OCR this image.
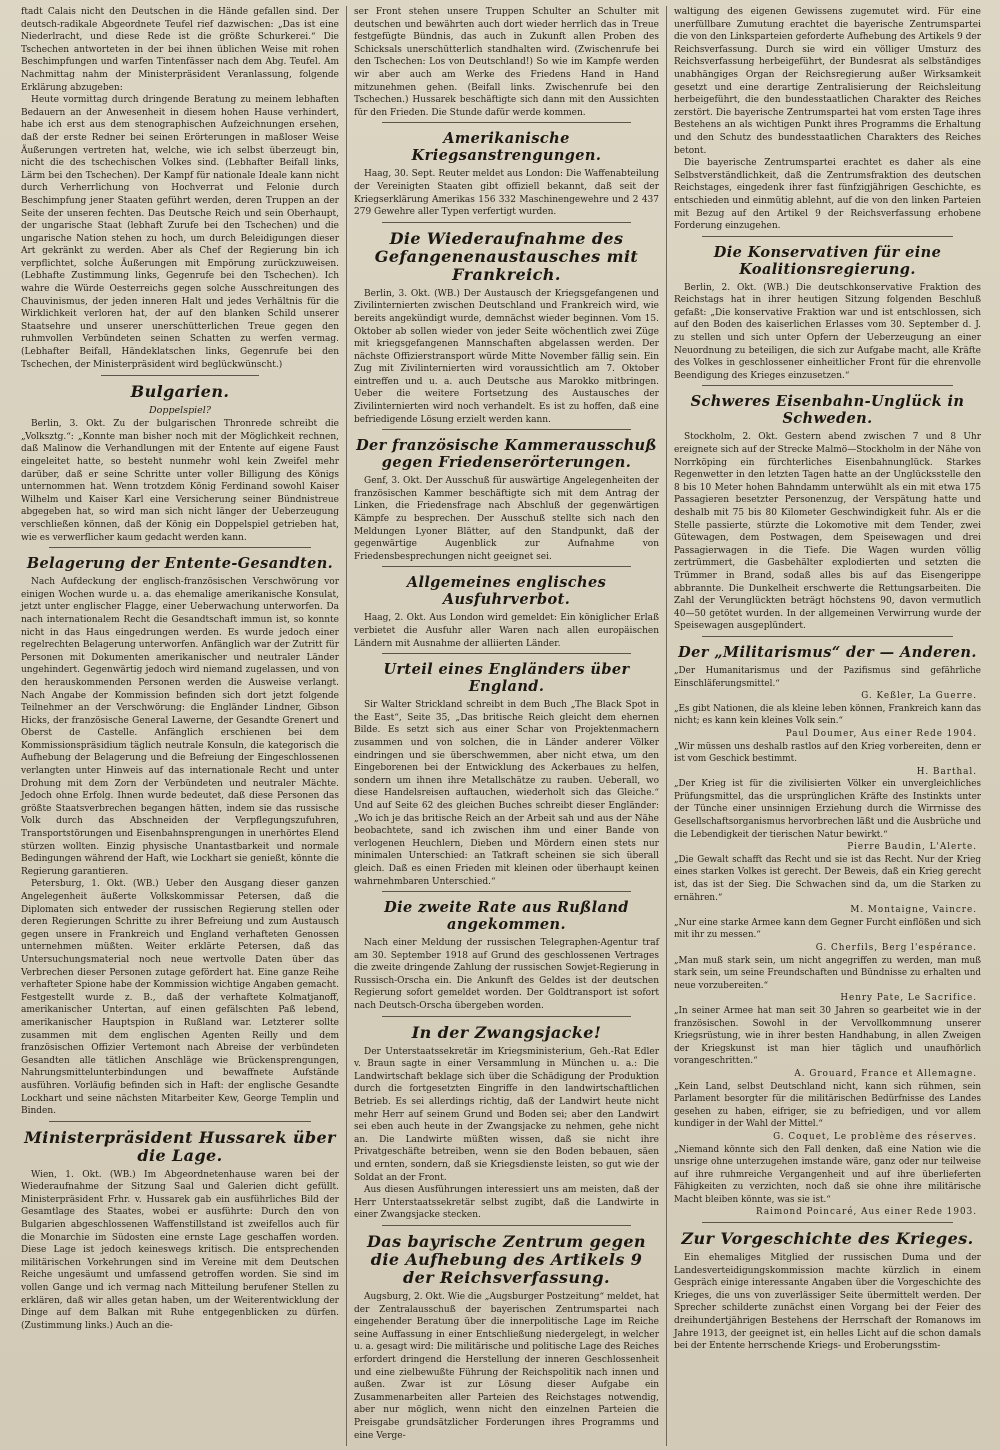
ftadt Calais nicht den Deutschen in die Hände gefallen sind. Der deutsch-radikale Abgeordnete Teufel rief dazwischen: „Das ist eine Niederlracht, und diese Rede ist die größte Schurkerei.“ Die Tschechen antworteten in der bei ihnen üblichen Weise mit rohen Beschimpfungen und warfen Tintenfässer nach dem Abg. Teufel. Am Nachmittag nahm der Ministerpräsident Veranlassung, folgende Erklärung abzugeben:

Heute vormittag durch dringende Beratung zu meinem lebhaften Bedauern an der Anwesenheit in diesem hohen Hause verhindert, habe ich erst aus dem stenographischen Aufzeichnungen ersehen, daß der erste Redner bei seinen Erörterungen in maßloser Weise Äußerungen vertreten hat, welche, wie ich selbst überzeugt bin, nicht die des tschechischen Volkes sind. (Lebhafter Beifall links, Lärm bei den Tschechen). Der Kampf für nationale Ideale kann nicht durch Verherrlichung von Hochverrat und Felonie durch Beschimpfung jener Staaten geführt werden, deren Truppen an der Seite der unseren fechten. Das Deutsche Reich und sein Oberhaupt, der ungarische Staat (lebhaft Zurufe bei den Tschechen) und die ungarische Nation stehen zu hoch, um durch Beleidigungen dieser Art gekränkt zu werden. Aber als Chef der Regierung bin ich verpflichtet, solche Äußerungen mit Empörung zurückzuweisen. (Lebhafte Zustimmung links, Gegenrufe bei den Tschechen). Ich wahre die Würde Oesterreichs gegen solche Ausschreitungen des Chauvinismus, der jeden inneren Halt und jedes Verhältnis für die Wirklichkeit verloren hat, der auf den blanken Schild unserer Staatsehre und unserer unerschütterlichen Treue gegen den ruhmvollen Verbündeten seinen Schatten zu werfen vermag. (Lebhafter Beifall, Händeklatschen links, Gegenrufe bei den Tschechen, der Ministerpräsident wird beglückwünscht.)

Bulgarien.
Doppelspiel?

Berlin, 3. Okt. Zu der bulgarischen Thronrede schreibt die „Volksztg.“: „Konnte man bisher noch mit der Möglichkeit rechnen, daß Malinow die Verhandlungen mit der Entente auf eigene Faust eingeleitet hatte, so besteht nunmehr wohl kein Zweifel mehr darüber, daß er seine Schritte unter voller Billigung des Königs unternommen hat. Wenn trotzdem König Ferdinand sowohl Kaiser Wilhelm und Kaiser Karl eine Versicherung seiner Bündnistreue abgegeben hat, so wird man sich nicht länger der Ueberzeugung verschließen können, daß der König ein Doppelspiel getrieben hat, wie es verwerflicher kaum gedacht werden kann.

Belagerung der Entente-Gesandten.

Nach Aufdeckung der englisch-französischen Verschwörung vor einigen Wochen wurde u. a. das ehemalige amerikanische Konsulat, jetzt unter englischer Flagge, einer Ueberwachung unterworfen. Da nach internationalem Recht die Gesandtschaft immun ist, so konnte nicht in das Haus eingedrungen werden. Es wurde jedoch einer regelrechten Belagerung unterworfen. Anfänglich war der Zutritt für Personen mit Dokumenten amerikanischer und neutraler Länder ungehindert. Gegenwärtig jedoch wird niemand zugelassen, und von den herauskommenden Personen werden die Ausweise verlangt. Nach Angabe der Kommission befinden sich dort jetzt folgende Teilnehmer an der Verschwörung: die Engländer Lindner, Gibson Hicks, der französische General Lawerne, der Gesandte Grenert und Oberst de Castelle. Anfänglich erschienen bei dem Kommissionspräsidium täglich neutrale Konsuln, die kategorisch die Aufhebung der Belagerung und die Befreiung der Eingeschlossenen verlangten unter Hinweis auf das internationale Recht und unter Drohung mit dem Zorn der Verbündeten und neutraler Mächte. Jedoch ohne Erfolg. Ihnen wurde bedeutet, daß diese Personen das größte Staatsverbrechen begangen hätten, indem sie das russische Volk durch das Abschneiden der Verpflegungszufuhren, Transportstörungen und Eisenbahnsprengungen in unerhörtes Elend stürzen wollten. Einzig physische Unantastbarkeit und normale Bedingungen während der Haft, wie Lockhart sie genießt, könnte die Regierung garantieren.

Petersburg, 1. Okt. (WB.) Ueber den Ausgang dieser ganzen Angelegenheit äußerte Volkskommissar Petersen, daß die Diplomaten sich entweder der russischen Regierung stellen oder deren Regierungen Schritte zu ihrer Befreiung und zum Austausch gegen unsere in Frankreich und England verhafteten Genossen unternehmen müßten. Weiter erklärte Petersen, daß das Untersuchungsmaterial noch neue wertvolle Daten über das Verbrechen dieser Personen zutage gefördert hat. Eine ganze Reihe verhafteter Spione habe der Kommission wichtige Angaben gemacht. Festgestellt wurde z. B., daß der verhaftete Kolmatjanoff, amerikanischer Untertan, auf einen gefälschten Paß lebend, amerikanischer Hauptspion in Rußland war. Letzterer sollte zusammen mit dem englischen Agenten Reilly und dem französischen Offizier Vertemont nach Abreise der verbündeten Gesandten alle tätlichen Anschläge wie Brückensprengungen, Nahrungsmittelunterbindungen und bewaffnete Aufstände ausführen. Vorläufig befinden sich in Haft: der englische Gesandte Lockhart und seine nächsten Mitarbeiter Kew, George Templin und Binden.

Ministerpräsident Hussarek über die Lage.

Wien, 1. Okt. (WB.) Im Abgeordnetenhause waren bei der Wiederaufnahme der Sitzung Saal und Galerien dicht gefüllt. Ministerpräsident Frhr. v. Hussarek gab ein ausführliches Bild der Gesamtlage des Staates, wobei er ausführte: Durch den von Bulgarien abgeschlossenen Waffenstillstand ist zweifellos auch für die Monarchie im Südosten eine ernste Lage geschaffen worden. Diese Lage ist jedoch keineswegs kritisch. Die entsprechenden militärischen Vorkehrungen sind im Vereine mit dem Deutschen Reiche ungesäumt und umfassend getroffen worden. Sie sind im vollen Gange und ich vermag nach Mitteilung berufener Stellen zu erklären, daß wir alles getan haben, um der Weiterentwicklung der Dinge auf dem Balkan mit Ruhe entgegenblicken zu dürfen. (Zustimmung links.) Auch an die-

ser Front stehen unsere Truppen Schulter an Schulter mit deutschen und bewährten auch dort wieder herrlich das in Treue festgefügte Bündnis, das auch in Zukunft allen Proben des Schicksals unerschütterlich standhalten wird. (Zwischenrufe bei den Tschechen: Los von Deutschland!) So wie im Kampfe werden wir aber auch am Werke des Friedens Hand in Hand mitzunehmen gehen. (Beifall links. Zwischenrufe bei den Tschechen.) Hussarek beschäftigte sich dann mit den Aussichten für den Frieden. Die Stunde dafür werde kommen.

Amerikanische Kriegsanstrengungen.

Haag, 30. Sept. Reuter meldet aus London: Die Waffenabteilung der Vereinigten Staaten gibt offiziell bekannt, daß seit der Kriegserklärung Amerikas 156 332 Maschinengewehre und 2 437 279 Gewehre aller Typen verfertigt wurden.

Die Wiederaufnahme des Gefangenenaustausches mit Frankreich.

Berlin, 3. Okt. (WB.) Der Austausch der Kriegsgefangenen und Zivilinternierten zwischen Deutschland und Frankreich wird, wie bereits angekündigt wurde, demnächst wieder beginnen. Vom 15. Oktober ab sollen wieder von jeder Seite wöchentlich zwei Züge mit kriegsgefangenen Mannschaften abgelassen werden. Der nächste Offizierstransport würde Mitte November fällig sein. Ein Zug mit Zivilinternierten wird voraussichtlich am 7. Oktober eintreffen und u. a. auch Deutsche aus Marokko mitbringen. Ueber die weitere Fortsetzung des Austausches der Zivilinternierten wird noch verhandelt. Es ist zu hoffen, daß eine befriedigende Lösung erzielt werden kann.

Der französische Kammerausschuß gegen Friedenserörterungen.

Genf, 3. Okt. Der Ausschuß für auswärtige Angelegenheiten der französischen Kammer beschäftigte sich mit dem Antrag der Linken, die Friedensfrage nach Abschluß der gegenwärtigen Kämpfe zu besprechen. Der Ausschuß stellte sich nach den Meldungen Lyoner Blätter, auf den Standpunkt, daß der gegenwärtige Augenblick zur Aufnahme von Friedensbesprechungen nicht geeignet sei.

Allgemeines englisches Ausfuhrverbot.

Haag, 2. Okt. Aus London wird gemeldet: Ein königlicher Erlaß verbietet die Ausfuhr aller Waren nach allen europäischen Ländern mit Ausnahme der alliierten Länder.

Urteil eines Engländers über England.

Sir Walter Strickland schreibt in dem Buch „The Black Spot in the East“, Seite 35, „Das britische Reich gleicht dem ehernen Bilde. Es setzt sich aus einer Schar von Projektenmachern zusammen und von solchen, die in Länder anderer Völker eindringen und sie überschwemmen, aber nicht etwa, um den Eingeborenen bei der Entwicklung des Ackerbaues zu helfen, sondern um ihnen ihre Metallschätze zu rauben. Ueberall, wo diese Handelsreisen auftauchen, wiederholt sich das Gleiche.“ Und auf Seite 62 des gleichen Buches schreibt dieser Engländer: „Wo ich je das britische Reich an der Arbeit sah und aus der Nähe beobachtete, sand ich zwischen ihm und einer Bande von verlogenen Heuchlern, Dieben und Mördern einen stets nur minimalen Unterschied: an Tatkraft scheinen sie sich überall gleich. Daß es einen Frieden mit kleinen oder überhaupt keinen wahrnehmbaren Unterschied.“

Die zweite Rate aus Rußland angekommen.

Nach einer Meldung der russischen Telegraphen-Agentur traf am 30. September 1918 auf Grund des geschlossenen Vertrages die zweite dringende Zahlung der russischen Sowjet-Regierung in Russisch-Orscha ein. Die Ankunft des Geldes ist der deutschen Regierung sofort gemeldet worden. Der Goldtransport ist sofort nach Deutsch-Orscha übergeben worden.

In der Zwangsjacke!

Der Unterstaatssekretär im Kriegsministerium, Geh.-Rat Edler v. Braun sagte in einer Versammlung in München u. a.: Die Landwirtschaft beklage sich über die Schädigung der Produktion durch die fortgesetzten Eingriffe in den landwirtschaftlichen Betrieb. Es sei allerdings richtig, daß der Landwirt heute nicht mehr Herr auf seinem Grund und Boden sei; aber den Landwirt sei eben auch heute in der Zwangsjacke zu nehmen, gehe nicht an. Die Landwirte müßten wissen, daß sie nicht ihre Privatgeschäfte betreiben, wenn sie den Boden bebauen, säen und ernten, sondern, daß sie Kriegsdienste leisten, so gut wie der Soldat an der Front.

Aus diesen Ausführungen interessiert uns am meisten, daß der Herr Unterstaatssekretär selbst zugibt, daß die Landwirte in einer Zwangsjacke stecken.

Das bayrische Zentrum gegen die Aufhebung des Artikels 9 der Reichsverfassung.

Augsburg, 2. Okt. Wie die „Augsburger Postzeitung“ meldet, hat der Zentralausschuß der bayerischen Zentrumspartei nach eingehender Beratung über die innerpolitische Lage im Reiche seine Auffassung in einer Entschließung niedergelegt, in welcher u. a. gesagt wird: Die militärische und politische Lage des Reiches erfordert dringend die Herstellung der inneren Geschlossenheit und eine zielbewußte Führung der Reichspolitik nach innen und außen. Zwar ist zur Lösung dieser Aufgabe ein Zusammenarbeiten aller Parteien des Reichstages notwendig, aber nur möglich, wenn nicht den einzelnen Parteien die Preisgabe grundsätzlicher Forderungen ihres Programms und eine Verge-

waltigung des eigenen Gewissens zugemutet wird. Für eine unerfüllbare Zumutung erachtet die bayerische Zentrumspartei die von den Linksparteien geforderte Aufhebung des Artikels 9 der Reichsverfassung. Durch sie wird ein völliger Umsturz des Reichsverfassung herbeigeführt, der Bundesrat als selbständiges unabhängiges Organ der Reichsregierung außer Wirksamkeit gesetzt und eine derartige Zentralisierung der Reichsleitung herbeigeführt, die den bundesstaatlichen Charakter des Reiches zerstört. Die bayerische Zentrumspartei hat vom ersten Tage ihres Bestehens an als wichtigen Punkt ihres Programms die Erhaltung und den Schutz des bundesstaatlichen Charakters des Reiches betont.

Die bayerische Zentrumspartei erachtet es daher als eine Selbstverständlichkeit, daß die Zentrumsfraktion des deutschen Reichstages, eingedenk ihrer fast fünfzigjährigen Geschichte, es entschieden und einmütig ablehnt, auf die von den linken Parteien mit Bezug auf den Artikel 9 der Reichsverfassung erhobene Forderung einzugehen.

Die Konservativen für eine Koalitionsregierung.

Berlin, 2. Okt. (WB.) Die deutschkonservative Fraktion des Reichstags hat in ihrer heutigen Sitzung folgenden Beschluß gefaßt: „Die konservative Fraktion war und ist entschlossen, sich auf den Boden des kaiserlichen Erlasses vom 30. September d. J. zu stellen und sich unter Opfern der Ueberzeugung an einer Neuordnung zu beteiligen, die sich zur Aufgabe macht, alle Kräfte des Volkes in geschlossener einheitlicher Front für die ehrenvolle Beendigung des Krieges einzusetzen.“

Schweres Eisenbahn-Unglück in Schweden.

Stockholm, 2. Okt. Gestern abend zwischen 7 und 8 Uhr ereignete sich auf der Strecke Malmö—Stockholm in der Nähe von Norrköping ein fürchterliches Eisenbahnunglück. Starkes Regenwetter in den letzten Tagen hatte an der Unglücksstelle den 8 bis 10 Meter hohen Bahndamm unterwühlt als ein mit etwa 175 Passagieren besetzter Personenzug, der Verspätung hatte und deshalb mit 75 bis 80 Kilometer Geschwindigkeit fuhr. Als er die Stelle passierte, stürzte die Lokomotive mit dem Tender, zwei Gütewagen, dem Postwagen, dem Speisewagen und drei Passagierwagen in die Tiefe. Die Wagen wurden völlig zertrümmert, die Gasbehälter explodierten und setzten die Trümmer in Brand, sodaß alles bis auf das Eisengerippe abbrannte. Die Dunkelheit erschwerte die Rettungsarbeiten. Die Zahl der Verunglückten beträgt höchstens 90, davon vermutlich 40—50 getötet wurden. In der allgemeinen Verwirrung wurde der Speisewagen ausgeplündert.

Der „Militarismus“ der — Anderen.

„Der Humanitarismus und der Pazifismus sind gefährliche Einschläferungsmittel.“

G. Keßler, La Guerre.

„Es gibt Nationen, die als kleine leben können, Frankreich kann das nicht; es kann kein kleines Volk sein.“

Paul Doumer, Aus einer Rede 1904.

„Wir müssen uns deshalb rastlos auf den Krieg vorbereiten, denn er ist vom Geschick bestimmt.

H. Barthal.

„Der Krieg ist für die zivilisierten Völker ein unvergleichliches Prüfungsmittel, das die ursprünglichen Kräfte des Instinkts unter der Tünche einer unsinnigen Erziehung durch die Wirrnisse des Gesellschaftsorganismus hervorbrechen läßt und die Ausbrüche und die Lebendigkeit der tierischen Natur bewirkt.“

Pierre Baudin, L'Alerte.

„Die Gewalt schafft das Recht und sie ist das Recht. Nur der Krieg eines starken Volkes ist gerecht. Der Beweis, daß ein Krieg gerecht ist, das ist der Sieg. Die Schwachen sind da, um die Starken zu ernähren.“

M. Montaigne, Vaincre.

„Nur eine starke Armee kann dem Gegner Furcht einflößen und sich mit ihr zu messen.“

G. Cherfils, Berg l'espérance.

„Man muß stark sein, um nicht angegriffen zu werden, man muß stark sein, um seine Freundschaften und Bündnisse zu erhalten und neue vorzubereiten.“

Henry Pate, Le Sacrifice.

„In seiner Armee hat man seit 30 Jahren so gearbeitet wie in der französischen. Sowohl in der Vervollkommnung unserer Kriegsrüstung, wie in ihrer besten Handhabung, in allen Zweigen der Kriegskunst ist man hier täglich und unaufhörlich vorangeschritten.“

A. Grouard, France et Allemagne.

„Kein Land, selbst Deutschland nicht, kann sich rühmen, sein Parlament besorgter für die militärischen Bedürfnisse des Landes gesehen zu haben, eifriger, sie zu befriedigen, und vor allem kundiger in der Wahl der Mittel.“

G. Coquet, Le problème des réserves.

„Niemand könnte sich den Fall denken, daß eine Nation wie die unsrige ohne unterzugehen imstande wäre, ganz oder nur teilweise auf ihre ruhmreiche Vergangenheit und auf ihre überlieferten Fähigkeiten zu verzichten, noch daß sie ohne ihre militärische Macht bleiben könnte, was sie ist.“

Raimond Poincaré, Aus einer Rede 1903.
Zur Vorgeschichte des Krieges.

Ein ehemaliges Mitglied der russischen Duma und der Landesverteidigungskommission machte kürzlich in einem Gespräch einige interessante Angaben über die Vorgeschichte des Krieges, die uns von zuverlässiger Seite übermittelt werden. Der Sprecher schilderte zunächst einen Vorgang bei der Feier des dreihundertjährigen Bestehens der Herrschaft der Romanows im Jahre 1913, der geeignet ist, ein helles Licht auf die schon damals bei der Entente herrschende Kriegs- und Eroberungsstim-
